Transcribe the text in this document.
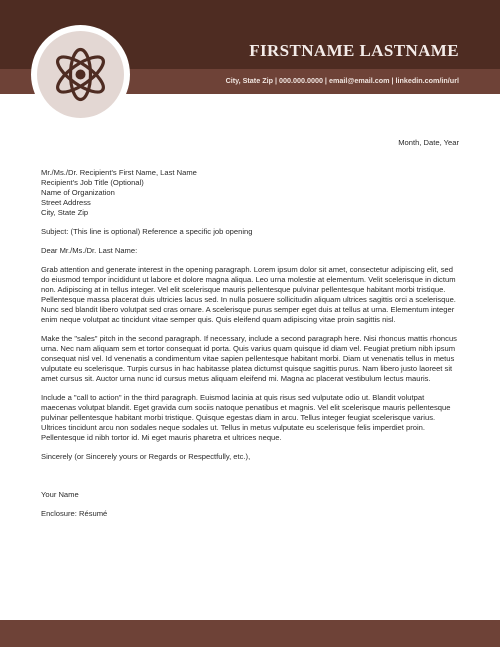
FIRSTNAME LASTNAME
City, State Zip | 000.000.0000 | email@email.com | linkedin.com/in/url
Month, Date, Year

Mr./Ms./Dr. Recipient's First Name, Last Name

Recipient's Job Title (Optional)

Name of Organization

Street Address

City, State Zip

Subject: (This line is optional) Reference a specific job opening

Dear Mr./Ms./Dr. Last Name:

Grab attention and generate interest in the opening paragraph. Lorem ipsum dolor sit amet, consectetur adipiscing elit, sed do eiusmod tempor incididunt ut labore et dolore magna aliqua. Leo urna molestie at elementum. Velit scelerisque in dictum non. Adipiscing at in tellus integer. Vel elit scelerisque mauris pellentesque pulvinar pellentesque habitant morbi tristique. Pellentesque massa placerat duis ultricies lacus sed. In nulla posuere sollicitudin aliquam ultrices sagittis orci a scelerisque. Nunc sed blandit libero volutpat sed cras ornare. A scelerisque purus semper eget duis at tellus at urna. Elementum integer enim neque volutpat ac tincidunt vitae semper quis. Quis eleifend quam adipiscing vitae proin sagittis nisl.

Make the "sales" pitch in the second paragraph. If necessary, include a second paragraph here. Nisi rhoncus mattis rhoncus urna. Nec nam aliquam sem et tortor consequat id porta. Quis varius quam quisque id diam vel. Feugiat pretium nibh ipsum consequat nisl vel. Id venenatis a condimentum vitae sapien pellentesque habitant morbi. Diam ut venenatis tellus in metus vulputate eu scelerisque. Turpis cursus in hac habitasse platea dictumst quisque sagittis purus. Nam libero justo laoreet sit amet cursus sit. Auctor urna nunc id cursus metus aliquam eleifend mi. Magna ac placerat vestibulum lectus mauris.

Include a "call to action" in the third paragraph. Euismod lacinia at quis risus sed vulputate odio ut. Blandit volutpat maecenas volutpat blandit. Eget gravida cum sociis natoque penatibus et magnis. Vel elit scelerisque mauris pellentesque pulvinar pellentesque habitant morbi tristique. Quisque egestas diam in arcu. Tellus integer feugiat scelerisque varius. Ultrices tincidunt arcu non sodales neque sodales ut. Tellus in metus vulputate eu scelerisque felis imperdiet proin. Pellentesque id nibh tortor id. Mi eget mauris pharetra et ultrices neque.

Sincerely (or Sincerely yours or Regards or Respectfully, etc.),

Your Name

Enclosure: Résumé
